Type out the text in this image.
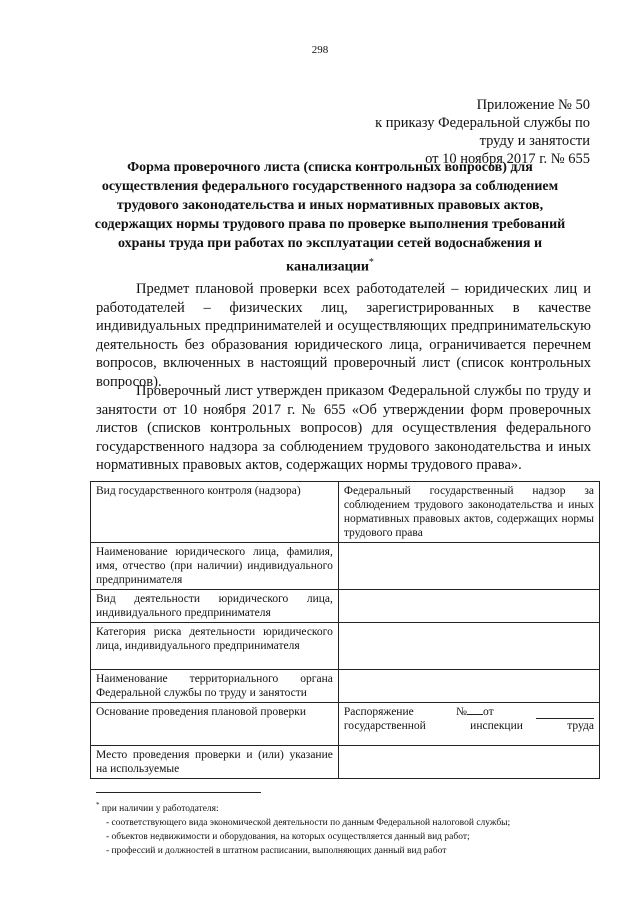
298
Приложение № 50
к приказу Федеральной службы по
труду и занятости
от 10 ноября 2017 г. № 655
Форма проверочного листа (списка контрольных вопросов) для осуществления федерального государственного надзора за соблюдением трудового законодательства и иных нормативных правовых актов, содержащих нормы трудового права по проверке выполнения требований охраны труда при работах по эксплуатации сетей водоснабжения и канализации*
Предмет плановой проверки всех работодателей – юридических лиц и работодателей – физических лиц, зарегистрированных в качестве индивидуальных предпринимателей и осуществляющих предпринимательскую деятельность без образования юридического лица, ограничивается перечнем вопросов, включенных в настоящий проверочный лист (список контрольных вопросов).
Проверочный лист утвержден приказом Федеральной службы по труду и занятости от 10 ноября 2017 г. № 655 «Об утверждении форм проверочных листов (списков контрольных вопросов) для осуществления федерального государственного надзора за соблюдением трудового законодательства и иных нормативных правовых актов, содержащих нормы трудового права».
Вид государственного контроля (надзора)	Федеральный государственный надзор за соблюдением трудового законодательства и иных нормативных правовых актов, содержащих нормы трудового права
Наименование юридического лица, фамилия, имя, отчество (при наличии) индивидуального предпринимателя	
Вид деятельности юридического лица, индивидуального предпринимателя	
Категория риска деятельности юридического лица, индивидуального предпринимателя	
Наименование территориального органа Федеральной службы по труду и занятости	
Основание проведения плановой проверки	Распоряжение № от
государственной инспекции труда

Место проведения проверки и (или) указание на используемые	
* при наличии у работодателя:
- соответствующего вида экономической деятельности по данным Федеральной налоговой службы;
- объектов недвижимости и оборудования, на которых осуществляется данный вид работ;
- профессий и должностей в штатном расписании, выполняющих данный вид работ
